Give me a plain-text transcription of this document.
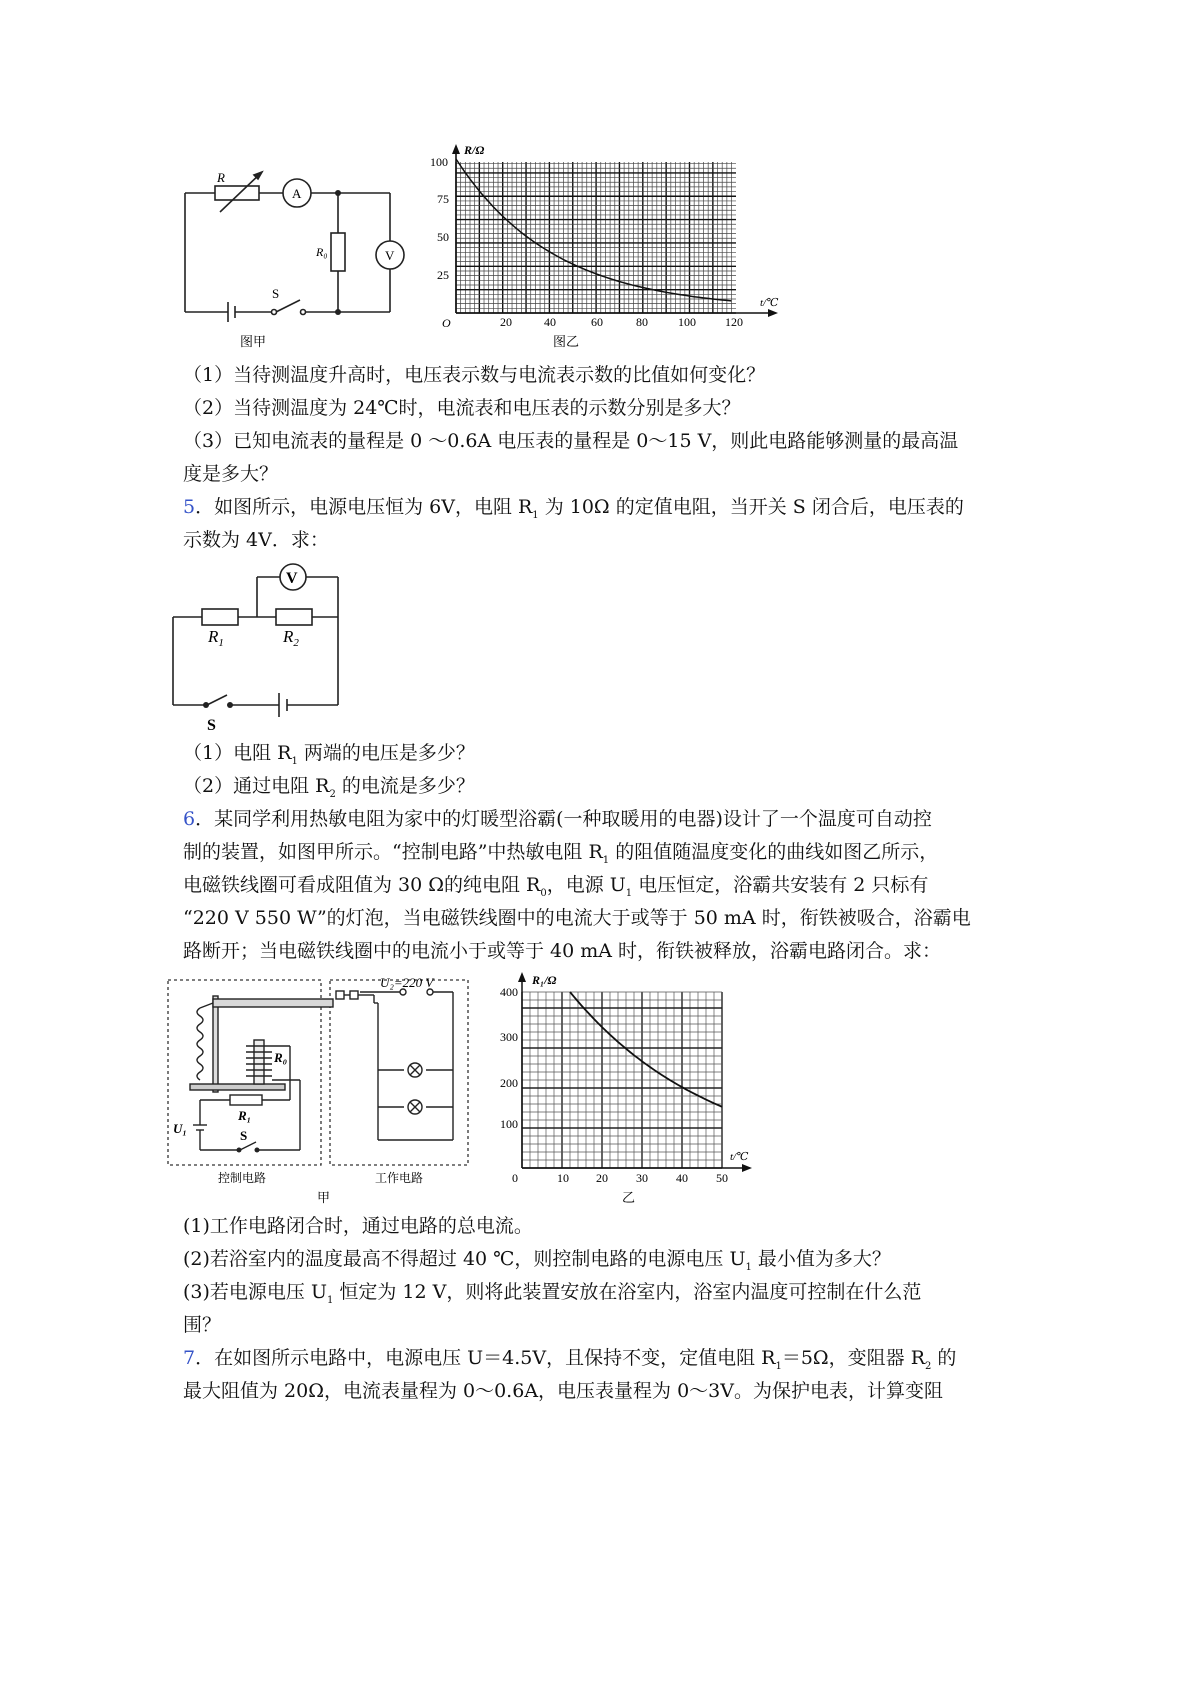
R
A
V
R₀
S
图甲
R/Ω
t/℃
O	20	40	60	80	100 120
100
75
50
25
图乙
（1）当待测温度升高时，电压表示数与电流表示数的比值如何变化？
（2）当待测温度为 24℃时，电流表和电压表的示数分别是多大？
（3）已知电流表的量程是 0 ～0.6A 电压表的量程是 0～15 V，则此电路能够测量的最高温
度是多大？
5．如图所示，电源电压恒为 6V，电阻 $R_1$ 为 10Ω 的定值电阻，当开关 S 闭合后，电压表的
示数为 4V．求：
V
$R_1$	$R_2$
S
（1）电阻 $R_1$ 两端的电压是多少？
（2）通过电阻 $R_2$ 的电流是多少？
6．某同学利用热敏电阻为家中的灯暖型浴霸(一种取暖用的电器)设计了一个温度可自动控
制的装置，如图甲所示。“控制电路”中热敏电阻 $R_1$ 的阻值随温度变化的曲线如图乙所示，
电磁铁线圈可看成阻值为 30 Ω的纯电阻 $R_0$，电源 $U_1$ 电压恒定，浴霸共安装有 2 只标有
“220 V 550 W”的灯泡，当电磁铁线圈中的电流大于或等于 50 mA 时，衔铁被吸合，浴霸电
路断开；当电磁铁线圈中的电流小于或等于 40 mA 时，衔铁被释放，浴霸电路闭合。求：
U₂=220 V
R₀
R₁
U₁	S
控制电路	工作电路
甲
R₁/Ω
t/℃
0	10 20 30 40 50
400
300
200
100
乙
(1)工作电路闭合时，通过电路的总电流。
(2)若浴室内的温度最高不得超过 40 ℃，则控制电路的电源电压 $U_1$ 最小值为多大？
(3)若电源电压 $U_1$ 恒定为 12 V，则将此装置安放在浴室内，浴室内温度可控制在什么范
围？
7．在如图所示电路中，电源电压 U＝4.5V，且保持不变，定值电阻 $R_1=5\Omega$，变阻器 $R_2$ 的
最大阻值为 20Ω，电流表量程为 0～0.6A，电压表量程为 0～3V。为保护电表，计算变阻
